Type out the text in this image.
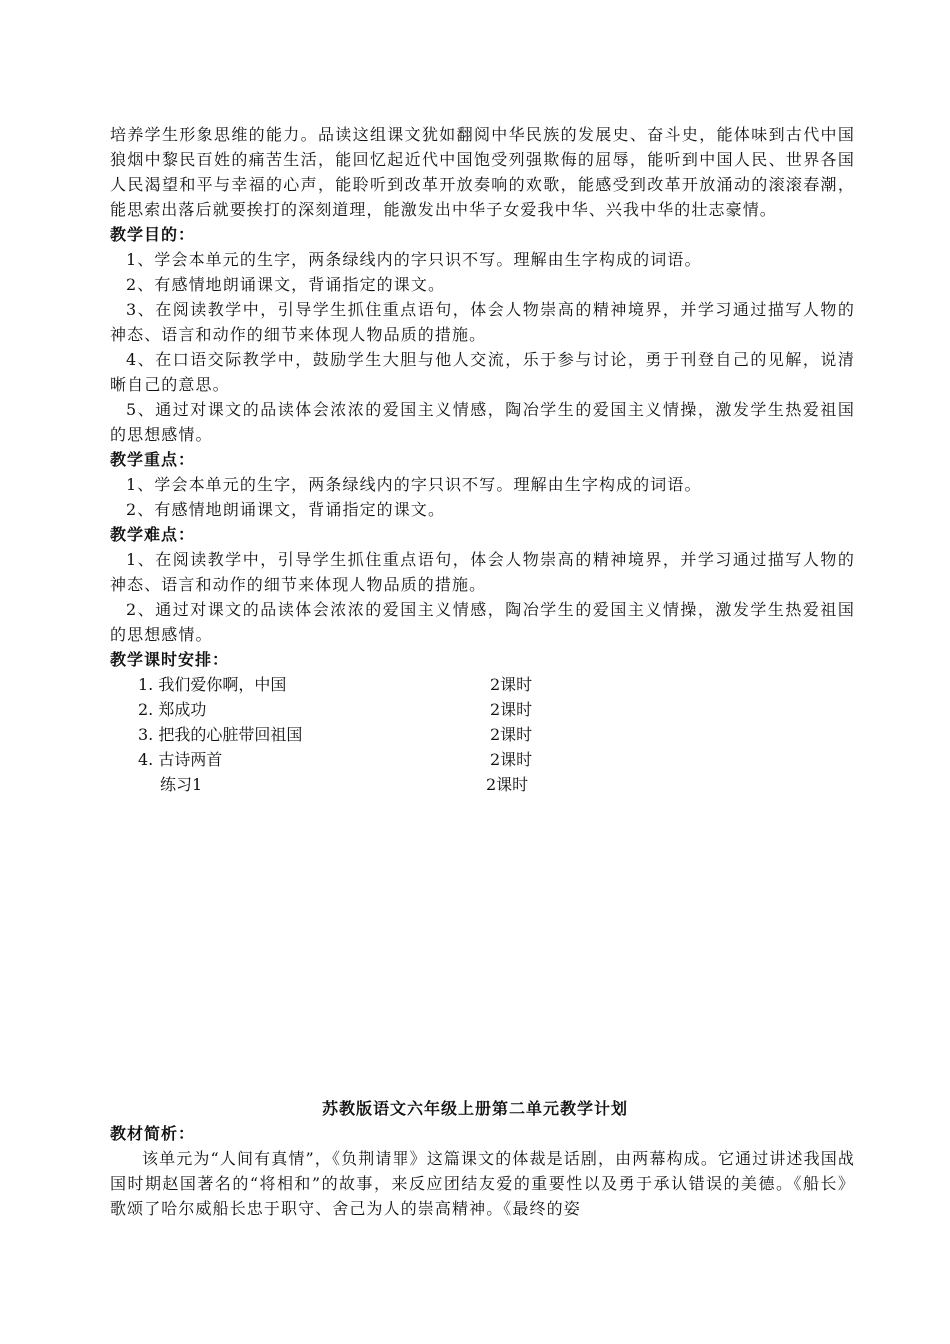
培养学生形象思维的能力。品读这组课文犹如翻阅中华民族的发展史、奋斗史，能体味到古代中国狼烟中黎民百姓的痛苦生活，能回忆起近代中国饱受列强欺侮的屈辱，能听到中国人民、世界各国人民渴望和平与幸福的心声，能聆听到改革开放奏响的欢歌，能感受到改革开放涌动的滚滚春潮，能思索出落后就要挨打的深刻道理，能激发出中华子女爱我中华、兴我中华的壮志豪情。

教学目的：

1、学会本单元的生字，两条绿线内的字只识不写。理解由生字构成的词语。

2、有感情地朗诵课文，背诵指定的课文。

3、在阅读教学中，引导学生抓住重点语句，体会人物崇高的精神境界，并学习通过描写人物的神态、语言和动作的细节来体现人物品质的措施。

4、在口语交际教学中，鼓励学生大胆与他人交流，乐于参与讨论，勇于刊登自己的见解，说清晰自己的意思。

5、通过对课文的品读体会浓浓的爱国主义情感，陶冶学生的爱国主义情操，激发学生热爱祖国的思想感情。

教学重点：

1、学会本单元的生字，两条绿线内的字只识不写。理解由生字构成的词语。

2、有感情地朗诵课文，背诵指定的课文。

教学难点：

1、在阅读教学中，引导学生抓住重点语句，体会人物崇高的精神境界，并学习通过描写人物的神态、语言和动作的细节来体现人物品质的措施。

2、通过对课文的品读体会浓浓的爱国主义情感，陶冶学生的爱国主义情操，激发学生热爱祖国的思想感情。

教学课时安排：
1. 我们爱你啊，中国	2课时
2. 郑成功	2课时
3. 把我的心脏带回祖国	2课时
4. 古诗两首	2课时
练习1	2课时
苏教版语文六年级上册第二单元教学计划
教材简析：

该单元为“人间有真情”，《负荆请罪》这篇课文的体裁是话剧，由两幕构成。它通过讲述我国战国时期赵国著名的“将相和”的故事，来反应团结友爱的重要性以及勇于承认错误的美德。《船长》歌颂了哈尔威船长忠于职守、舍己为人的崇高精神。《最终的姿
